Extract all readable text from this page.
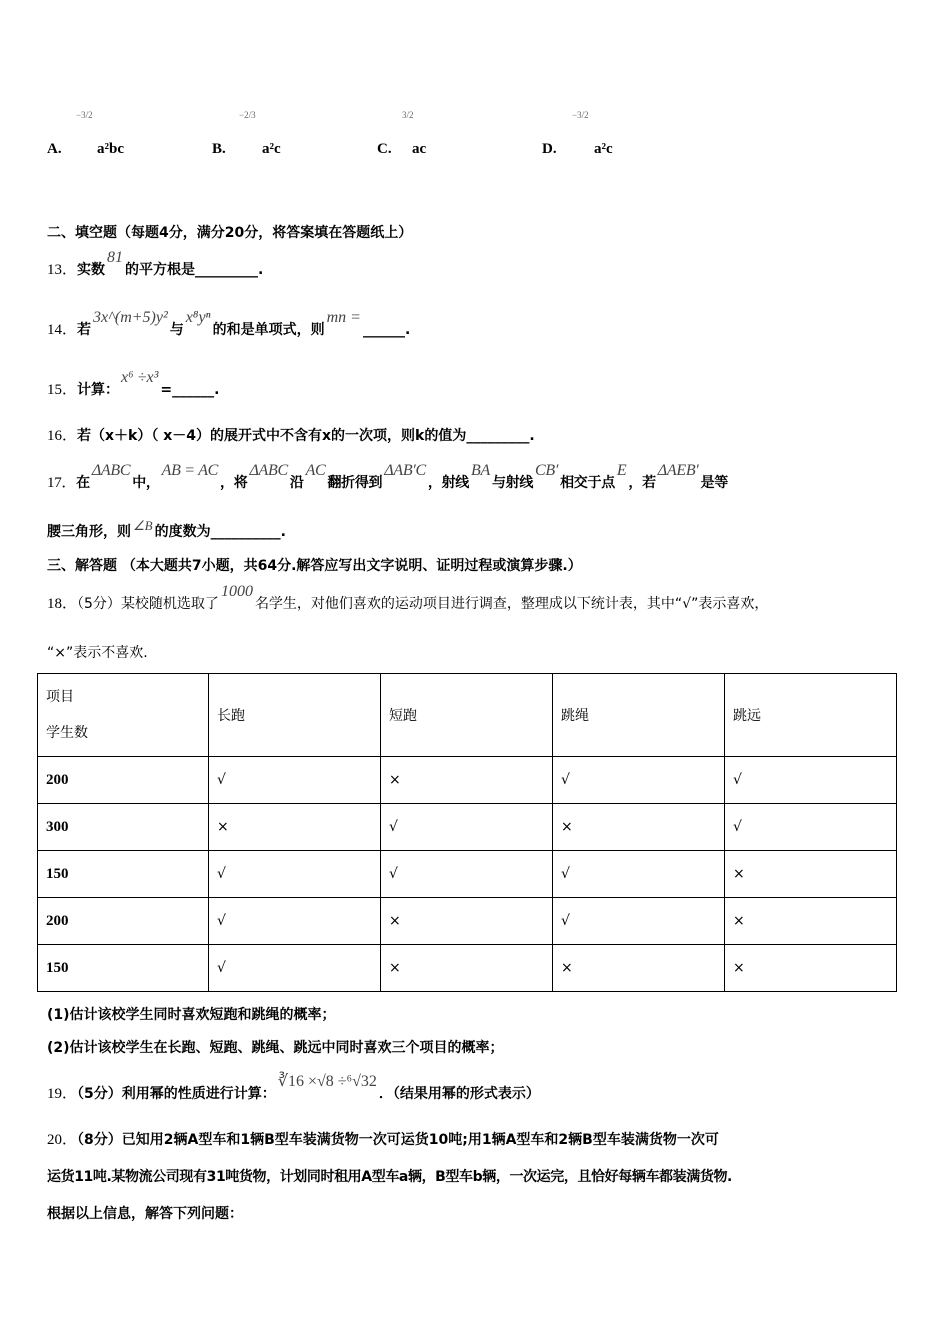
−3/2
A. a²bc
−2/3
B. a²c
3/2
C. ac
−3/2
D. a²c
二、填空题（每题4分，满分20分，将答案填在答题纸上）
13．实数81的平方根是_________.
14．若3x^(m+5)y²与x⁸yⁿ的和是单项式，则mn =______.
15．计算：x⁶ ÷x³=______.
16．若（x＋k）（ x－4）的展开式中不含有x的一次项，则k的值为_________.
17．在ΔABC中，AB = AC，将ΔABC沿AC翻折得到ΔAB′C，射线BA与射线CB′相交于点E，若ΔAEB′是等
腰三角形，则 ∠B 的度数为__________.
三、解答题 （本大题共7小题，共64分.解答应写出文字说明、证明过程或演算步骤.）
18．（5分）某校随机选取了1000名学生，对他们喜欢的运动项目进行调查，整理成以下统计表，其中“√”表示喜欢，
“×”表示不喜欢.
项目
学生数	长跑	短跑	跳绳	跳远
200	√	×	√	√
300	×	√	×	√
150	√	√	√	×
200	√	×	√	×
150	√	×	×	×
(1)估计该校学生同时喜欢短跑和跳绳的概率；
(2)估计该校学生在长跑、短跑、跳绳、跳远中同时喜欢三个项目的概率；
19．（5分）利用幂的性质进行计算：∛16 ×√8 ÷⁶√32．（结果用幂的形式表示）
20．（8分）已知用2辆A型车和1辆B型车装满货物一次可运货10吨;用1辆A型车和2辆B型车装满货物一次可
运货11吨.某物流公司现有31吨货物，计划同时租用A型车a辆，B型车b辆，一次运完，且恰好每辆车都装满货物.
根据以上信息，解答下列问题：
